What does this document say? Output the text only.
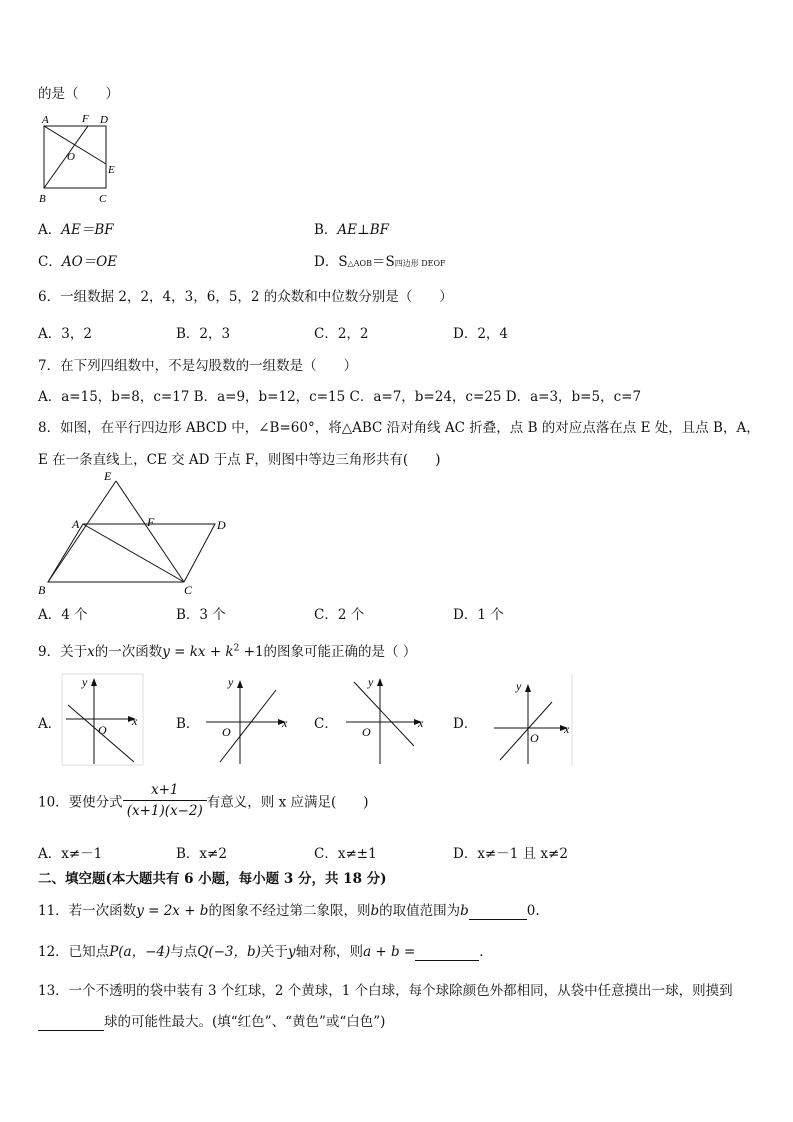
的是（　　）
A	F D
O
E
B	C
A．AE＝BF	B．AE⊥BF
C．AO＝OE	D．S△AOB＝S四边形 DEOF
6．一组数据 2，2，4，3，6，5，2 的众数和中位数分别是（　　）
A．3，2	B．2，3	C．2，2	D．2，4
7．在下列四组数中，不是勾股数的一组数是（　　）
A．a=15，b=8，c=17 B．a=9，b=12，c=15 C．a=7，b=24，c=25 D．a=3，b=5，c=7
8．如图，在平行四边形 ABCD 中，∠B=60°，将△ABC 沿对角线 AC 折叠，点 B 的对应点落在点 E 处，且点 B，A，
E 在一条直线上，CE 交 AD 于点 F，则图中等边三角形共有(　　)
E
A	F	D
B	C
A．4 个	B．3 个	C．2 个	D．1 个
9．关于x的一次函数y = kx + $k^2 +1$的图象可能正确的是（ ）
A．	x
y
O	B．	x
y
O	C．	x
y
O	D．	x
y
O
10．要使分式 $\frac{x+1}{(x+1)(x-2)}$ 有意义，则 x 应满足(　　)
A．x≠－1	B．x≠2	C．x≠±1	D．x≠－1 且 x≠2
二、填空题(本大题共有 6 小题，每小题 3 分，共 18 分)
11．若一次函数y = 2x + b的图象不经过第二象限，则b的取值范围为b	0.
12．已知点P(a，−4)与点Q(−3，b)关于y轴对称，则a + b =	.
13．一个不透明的袋中装有 3 个红球，2 个黄球，1 个白球，每个球除颜色外都相同，从袋中任意摸出一球，则摸到
球的可能性最大。(填“红色”、“黄色”或“白色”)
